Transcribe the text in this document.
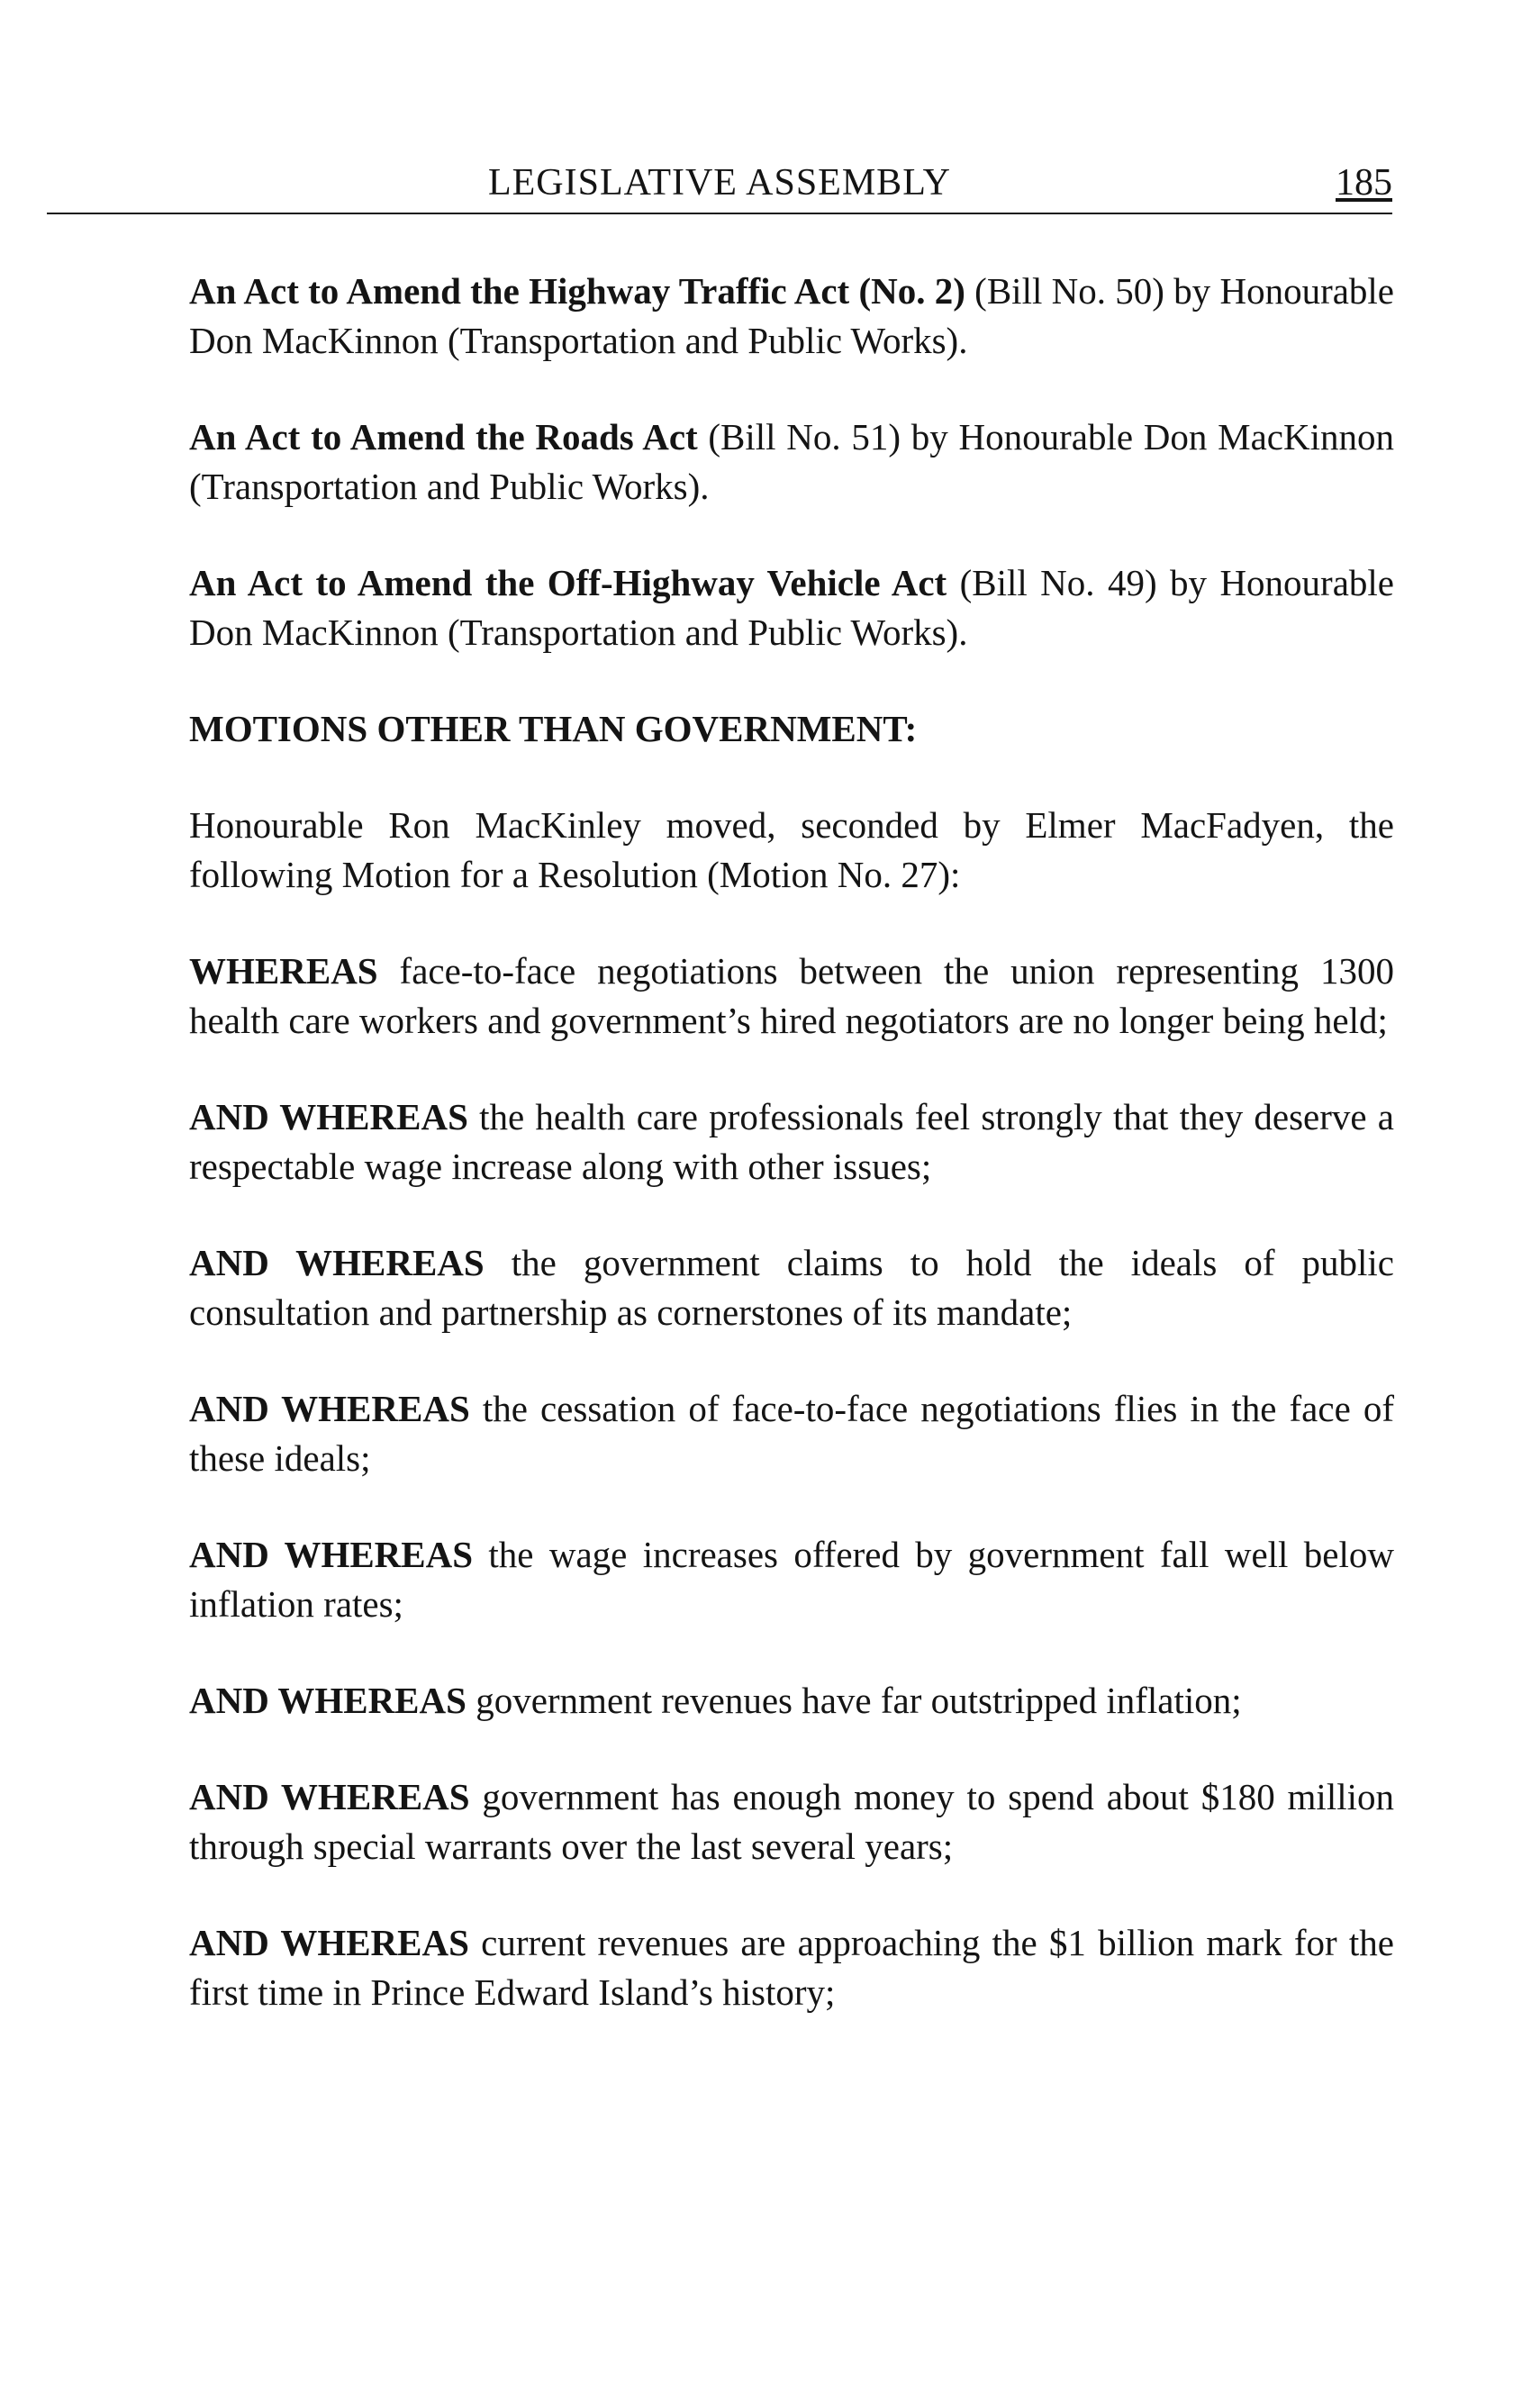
LEGISLATIVE ASSEMBLY	185

An Act to Amend the Highway Traffic Act (No. 2) (Bill No. 50) by Honourable Don MacKinnon (Transportation and Public Works).

An Act to Amend the Roads Act (Bill No. 51) by Honourable Don MacKinnon (Transportation and Public Works).

An Act to Amend the Off-Highway Vehicle Act (Bill No. 49) by Honourable Don MacKinnon (Transportation and Public Works).

MOTIONS OTHER THAN GOVERNMENT:

Honourable Ron MacKinley moved, seconded by Elmer MacFadyen, the following Motion for a Resolution (Motion No. 27):

WHEREAS face-to-face negotiations between the union representing 1300 health care workers and government’s hired negotiators are no longer being held;

AND WHEREAS the health care professionals feel strongly that they deserve a respectable wage increase along with other issues;

AND WHEREAS the government claims to hold the ideals of public consultation and partnership as cornerstones of its mandate;

AND WHEREAS the cessation of face-to-face negotiations flies in the face of these ideals;

AND WHEREAS the wage increases offered by government fall well below inflation rates;

AND WHEREAS government revenues have far outstripped inflation;

AND WHEREAS government has enough money to spend about $180 million through special warrants over the last several years;

AND WHEREAS current revenues are approaching the $1 billion mark for the first time in Prince Edward Island’s history;
